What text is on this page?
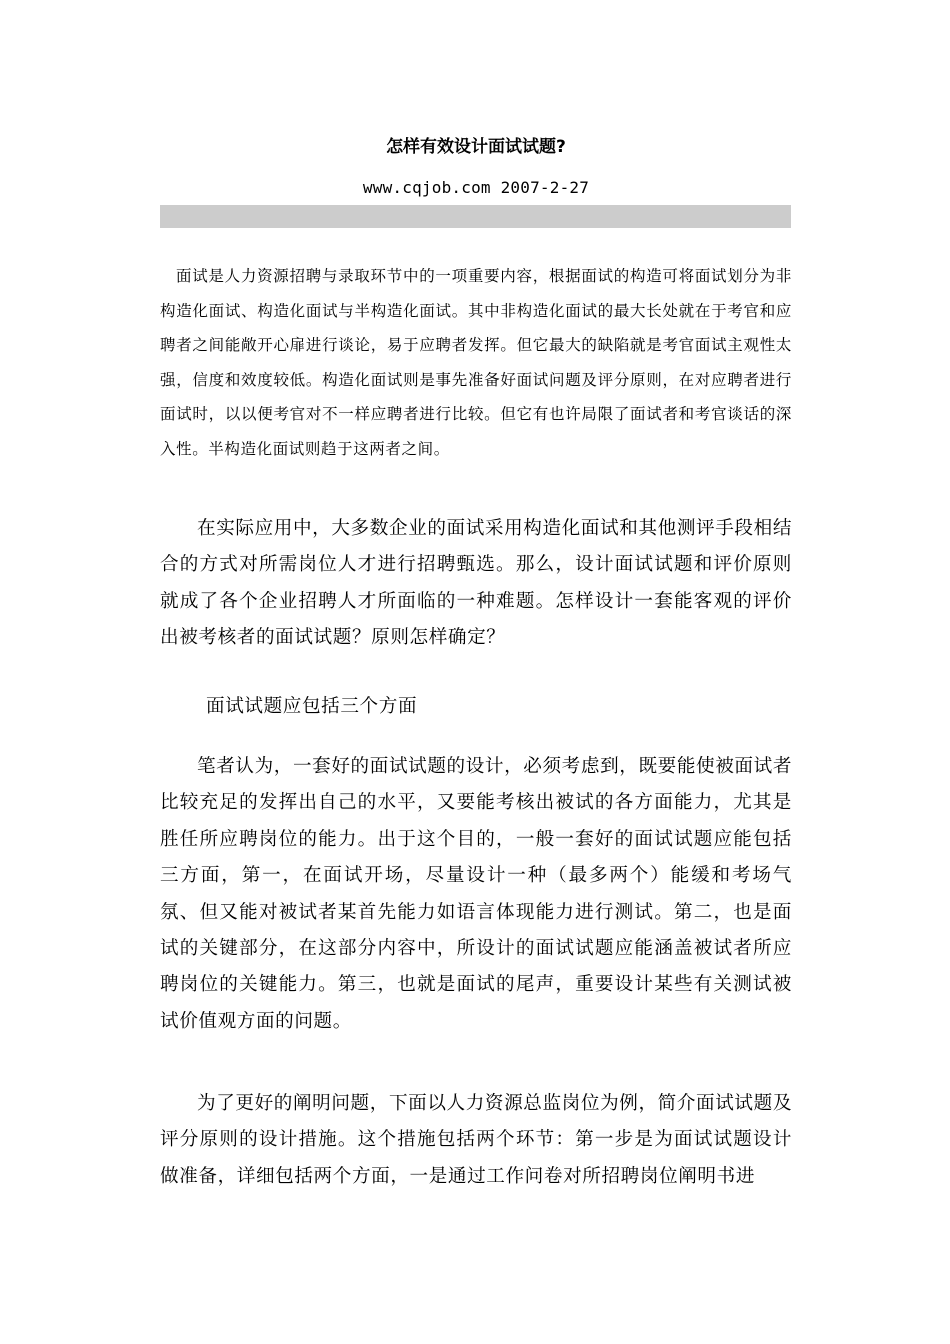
怎样有效设计面试试题?
www.cqjob.com 2007-2-27

面试是人力资源招聘与录取环节中的一项重要内容，根据面试的构造可将面试划分为非构造化面试、构造化面试与半构造化面试。其中非构造化面试的最大长处就在于考官和应聘者之间能敞开心扉进行谈论，易于应聘者发挥。但它最大的缺陷就是考官面试主观性太强，信度和效度较低。构造化面试则是事先准备好面试问题及评分原则，在对应聘者进行面试时，以以便考官对不一样应聘者进行比较。但它有也许局限了面试者和考官谈话的深入性。半构造化面试则趋于这两者之间。

在实际应用中，大多数企业的面试采用构造化面试和其他测评手段相结合的方式对所需岗位人才进行招聘甄选。那么，设计面试试题和评价原则就成了各个企业招聘人才所面临的一种难题。怎样设计一套能客观的评价出被考核者的面试试题？原则怎样确定？

面试试题应包括三个方面

笔者认为，一套好的面试试题的设计，必须考虑到，既要能使被面试者比较充足的发挥出自己的水平，又要能考核出被试的各方面能力，尤其是胜任所应聘岗位的能力。出于这个目的，一般一套好的面试试题应能包括三方面，第一，在面试开场，尽量设计一种（最多两个）能缓和考场气氛、但又能对被试者某首先能力如语言体现能力进行测试。第二，也是面试的关键部分，在这部分内容中，所设计的面试试题应能涵盖被试者所应聘岗位的关键能力。第三，也就是面试的尾声，重要设计某些有关测试被试价值观方面的问题。

为了更好的阐明问题，下面以人力资源总监岗位为例，简介面试试题及评分原则的设计措施。这个措施包括两个环节：第一步是为面试试题设计做准备，详细包括两个方面，一是通过工作问卷对所招聘岗位阐明书进
